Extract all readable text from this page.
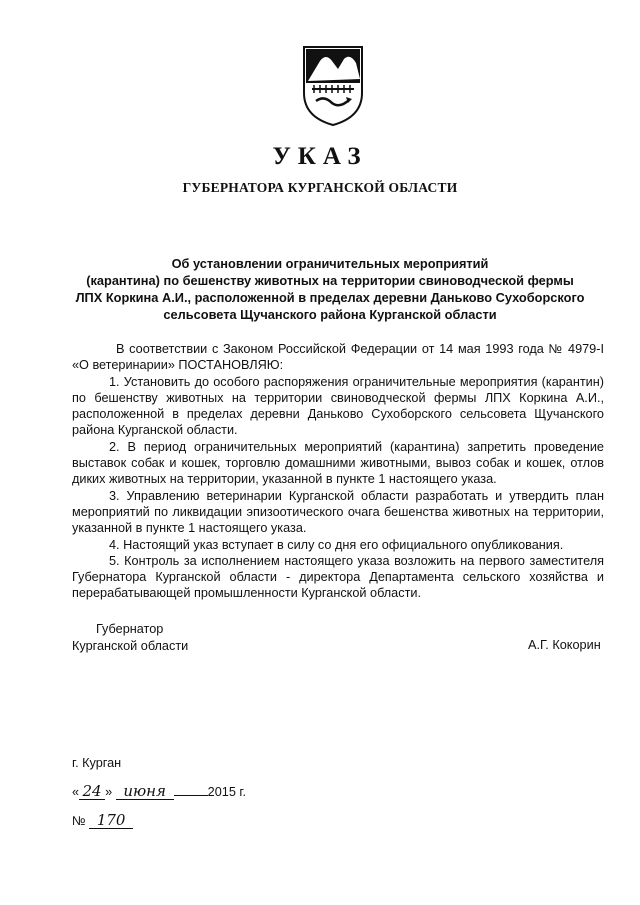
УКАЗ
ГУБЕРНАТОРА КУРГАНСКОЙ ОБЛАСТИ
Об установлении ограничительных мероприятий
(карантина) по бешенству животных на территории свиноводческой фермы
ЛПХ Коркина А.И., расположенной в пределах деревни Даньково Сухоборского
сельсовета Щучанского района Курганской области

В соответствии с Законом Российской Федерации от 14 мая 1993 года № 4979-I «О ветеринарии» ПОСТАНОВЛЯЮ:

1. Установить до особого распоряжения ограничительные мероприятия (карантин) по бешенству животных на территории свиноводческой фермы ЛПХ Коркина А.И., расположенной в пределах деревни Даньково Сухоборского сельсовета Щучанского района Курганской области.

2. В период ограничительных мероприятий (карантина) запретить проведение выставок собак и кошек, торговлю домашними животными, вывоз собак и кошек, отлов диких животных на территории, указанной в пункте 1 настоящего указа.

3. Управлению ветеринарии Курганской области разработать и утвердить план мероприятий по ликвидации эпизоотического очага бешенства животных на территории, указанной в пункте 1 настоящего указа.

4. Настоящий указ вступает в силу со дня его официального опубликования.

5. Контроль за исполнением настоящего указа возложить на первого заместителя Губернатора Курганской области - директора Департамента сельского хозяйства и перерабатывающей промышленности Курганской области.

Губернатор
Курганской области	А.Г. Кокорин
г. Курган
« 24 » июня	2015 г.
№ 170
